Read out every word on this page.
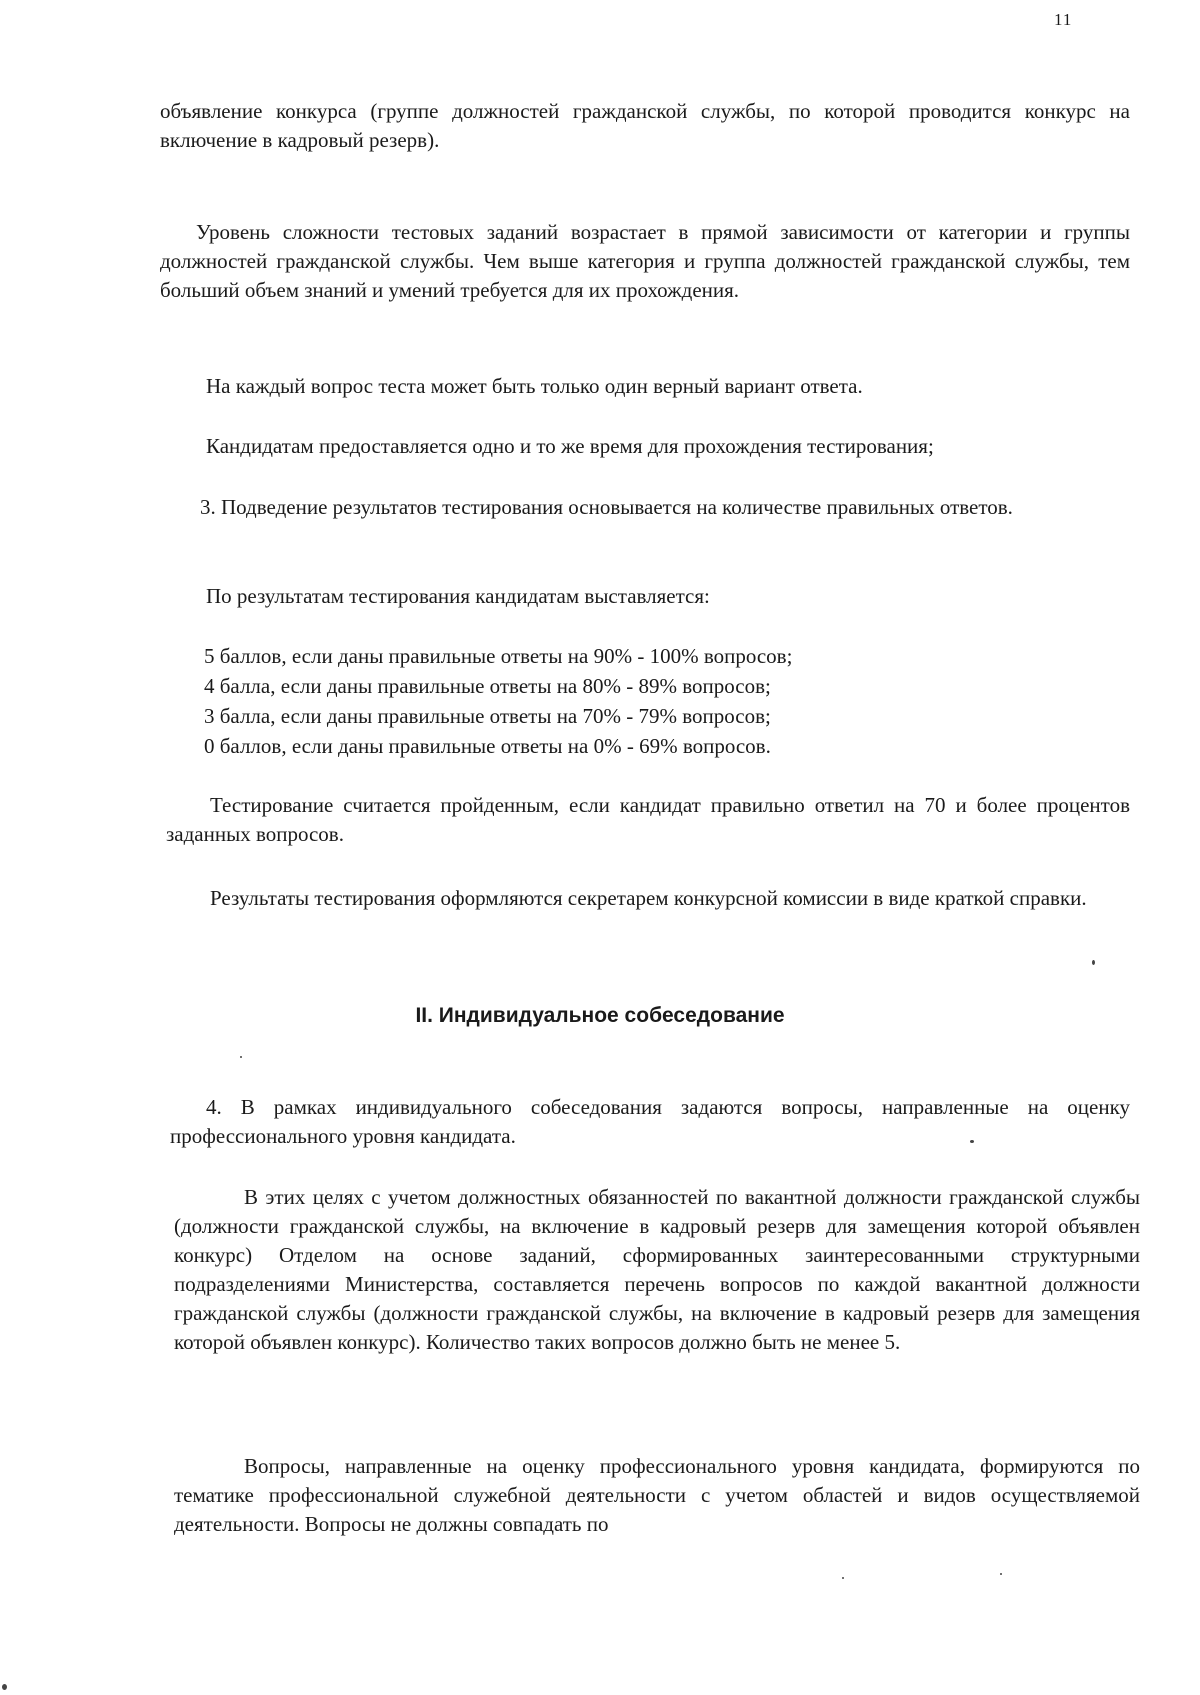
11

объявление конкурса (группе должностей гражданской службы, по которой проводится конкурс на включение в кадровый резерв).

Уровень сложности тестовых заданий возрастает в прямой зависимости от категории и группы должностей гражданской службы. Чем выше категория и группа должностей гражданской службы, тем больший объем знаний и умений требуется для их прохождения.

На каждый вопрос теста может быть только один верный вариант ответа.

Кандидатам предоставляется одно и то же время для прохождения тестирования;

3. Подведение результатов тестирования основывается на количестве правильных ответов.

По результатам тестирования кандидатам выставляется:

5 баллов, если даны правильные ответы на 90% - 100% вопросов;
4 балла, если даны правильные ответы на 80% - 89% вопросов;
3 балла, если даны правильные ответы на 70% - 79% вопросов;
0 баллов, если даны правильные ответы на 0% - 69% вопросов.

Тестирование считается пройденным, если кандидат правильно ответил на 70 и более процентов заданных вопросов.

Результаты тестирования оформляются секретарем конкурсной комиссии в виде краткой справки.

II. Индивидуальное собеседование

4. В рамках индивидуального собеседования задаются вопросы, направленные на оценку профессионального уровня кандидата.

В этих целях с учетом должностных обязанностей по вакантной должности гражданской службы (должности гражданской службы, на включение в кадровый резерв для замещения которой объявлен конкурс) Отделом на основе заданий, сформированных заинтересованными структурными подразделениями Министерства, составляется перечень вопросов по каждой вакантной должности гражданской службы (должности гражданской службы, на включение в кадровый резерв для замещения которой объявлен конкурс). Количество таких вопросов должно быть не менее 5.

Вопросы, направленные на оценку профессионального уровня кандидата, формируются по тематике профессиональной служебной деятельности с учетом областей и видов осуществляемой деятельности. Вопросы не должны совпадать по
